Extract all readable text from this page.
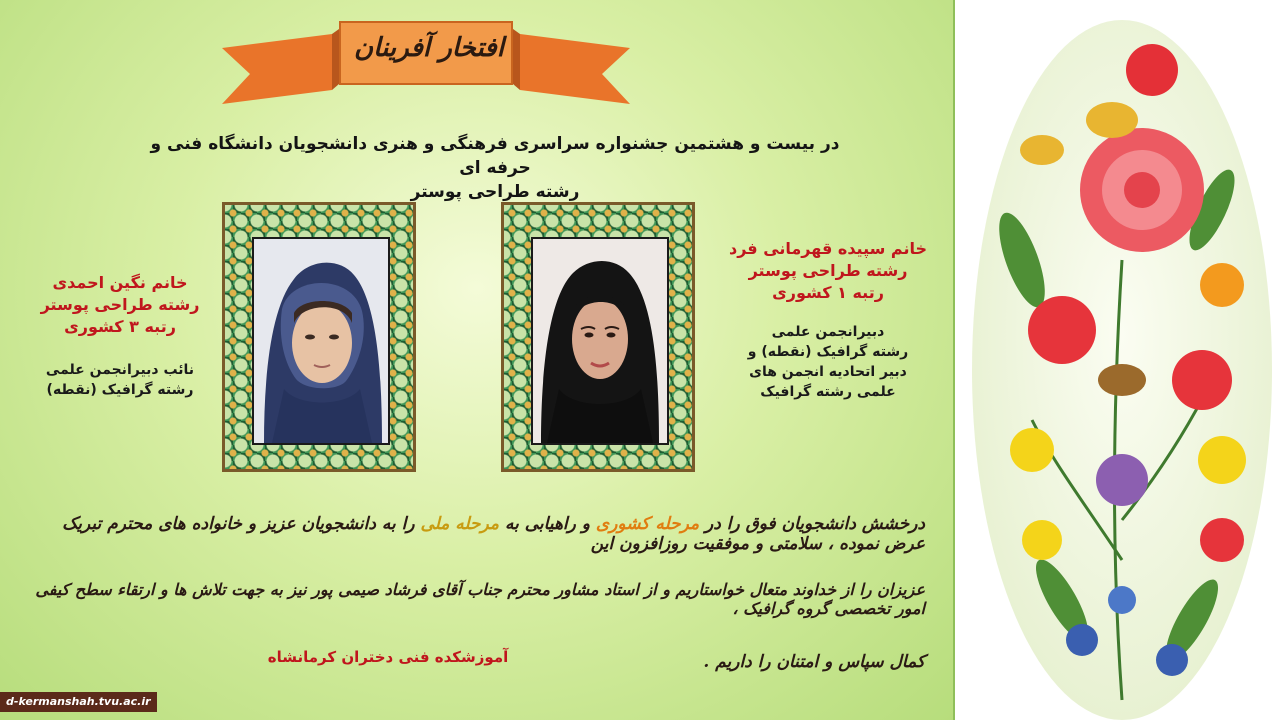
افتخار آفرینان
در بیست و هشتمین جشنواره سراسری فرهنگی و هنری دانشجویان دانشگاه فنی و حرفه ای
رشته طراحی پوستر
خانم سپیده قهرمانی فرد
رشته طراحی پوستر
رتبه ۱ کشوری
دبیرانجمن علمی
رشته گرافیک (نقطه) و
دبیر اتحادیه انجمن های
علمی رشته گرافیک
خانم نگین احمدی
رشته طراحی پوستر
رتبه ۳ کشوری
نائب دبیرانجمن علمی
رشته گرافیک (نقطه)
درخشش دانشجویان فوق را در مرحله کشوری و راهیابی به مرحله ملی را به دانشجویان عزیز و خانواده های محترم تبریک عرض نموده ، سلامتی و موفقیت روزافزون این
عزیزان را از خداوند متعال خواستاریم و از استاد مشاور محترم جناب آقای فرشاد صیمی پور نیز به جهت تلاش ها و ارتقاء سطح کیفی امور تخصصی گروه گرافیک ،
کمال سپاس و امتنان را داریم .
آموزشکده فنی دختران کرمانشاه
d-kermanshah.tvu.ac.ir
